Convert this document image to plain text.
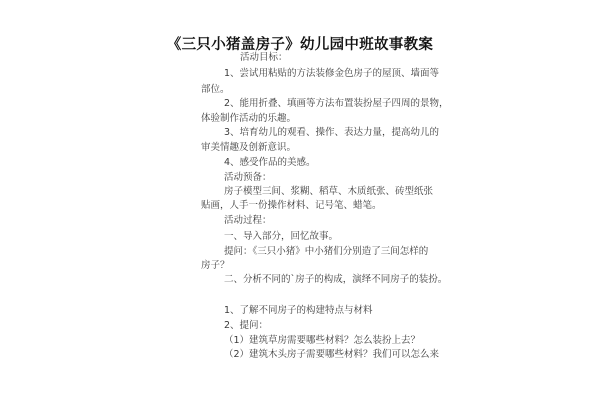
《三只小猪盖房子》幼儿园中班故事教案
活动目标：
1、尝试用粘贴的方法装修金色房子的屋顶、墙面等
部位。
2、能用折叠、填画等方法布置装扮屋子四周的景物，
体验制作活动的乐趣。
3、培育幼儿的观看、操作、表达力量，提高幼儿的
审美情趣及创新意识。
4、感受作品的美感。
活动预备：
房子模型三间、浆糊、稻草、木质纸张、砖型纸张
贴画，人手一份操作材料、记号笔、蜡笔。
活动过程：
一、导入部分，回忆故事。
提问：《三只小猪》中小猪们分别造了三间怎样的
房子？
二、分析不同的`房子的构成，演绎不同房子的装扮。
1、了解不同房子的构建特点与材料
2、提问：
（1）建筑草房需要哪些材料？怎么装扮上去？
（2）建筑木头房子需要哪些材料？我们可以怎么来
